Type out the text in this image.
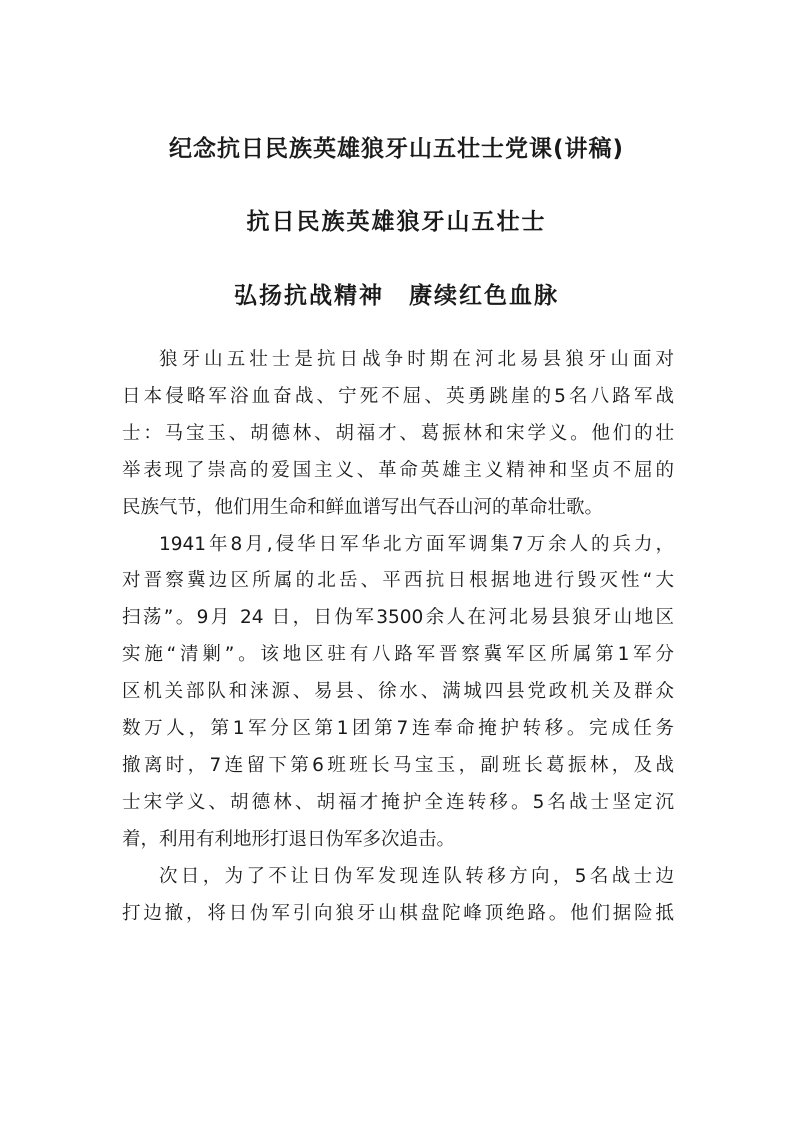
纪念抗日民族英雄狼牙山五壮士党课(讲稿)
抗日民族英雄狼牙山五壮士
弘扬抗战精神　赓续红色血脉
狼牙山五壮士是抗日战争时期在河北易县狼牙山面对
日本侵略军浴血奋战、宁死不屈、英勇跳崖的5名八路军战
士：马宝玉、胡德林、胡福才、葛振林和宋学义。他们的壮
举表现了崇高的爱国主义、革命英雄主义精神和坚贞不屈的
民族气节，他们用生命和鲜血谱写出气吞山河的革命壮歌。
1941年8月,侵华日军华北方面军调集7万余人的兵力，
对晋察冀边区所属的北岳、平西抗日根据地进行毁灭性“大
扫荡”。9月 24 日，日伪军3500余人在河北易县狼牙山地区
实施“清剿”。该地区驻有八路军晋察冀军区所属第1军分
区机关部队和涞源、易县、徐水、满城四县党政机关及群众
数万人，第1军分区第1团第7连奉命掩护转移。完成任务
撤离时，7连留下第6班班长马宝玉，副班长葛振林，及战
士宋学义、胡德林、胡福才掩护全连转移。5名战士坚定沉
着，利用有利地形打退日伪军多次追击。
次日，为了不让日伪军发现连队转移方向，5名战士边
打边撤，将日伪军引向狼牙山棋盘陀峰顶绝路。他们据险抵
